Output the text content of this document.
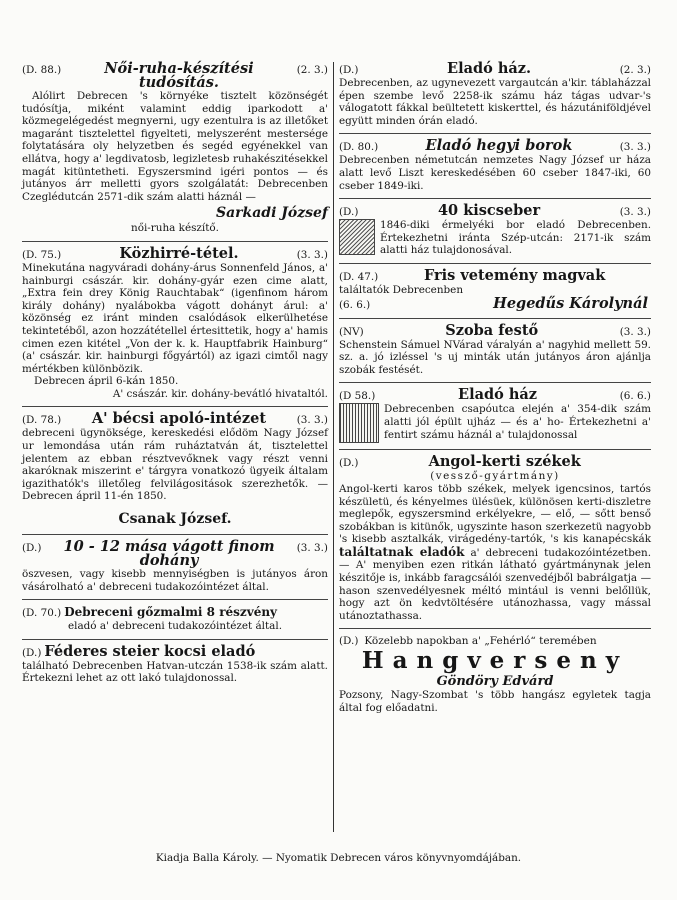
(D. 88.)	Női-ruha-készítési tudósítás.
(2. 3.)

Alólirt Debrecen 's környéke tisztelt közönségét tudósítja, miként valamint eddig iparkodott a' közmegelégedést megnyerni, ugy ezentulra is az illetőket magaránt tisztelettel figyelteti, melyszerént mestersége folytatására oly helyzetben és segéd egyénekkel van ellátva, hogy a' legdivatosb, legizletesb ruhakészitésekkel magát kitüntetheti. Egyszersmind igéri pontos — és jutányos árr melletti gyors szolgálatát: Debrecenben Czeglédutcán 2571-dik szám alatti háznál —

Sarkadi József
női-ruha készítő.
(D. 75.)	Közhirré-tétel.	(3. 3.)

Minekutána nagyváradi dohány-árus Sonnenfeld János, a' hainburgi császár. kir. dohány-gyár ezen cime alatt, „Extra fein drey König Rauchtabak“ (igenfinom három király dohány) nyalábokba vágott dohányt árul: a' közönség ez iránt minden csalódások elkerülhetése tekintetéből, azon hozzátétellel értesittetik, hogy a' hamis cimen ezen kitétel „Von der k. k. Hauptfabrik Hainburg“ (a' császár. kir. hainburgi főgyártól) az igazi cimtől nagy mértékben különbözik.

Debrecen ápril 6-kán 1850.

A' császár. kir. dohány-bevátló hivataltól.

(D. 78.)	A' bécsi apoló-intézet	(3. 3.)

debreceni ügynöksége, kereskedési elődöm Nagy József ur lemondása után rám ruháztatván át, tisztelettel jelentem az ebban résztvevőknek vagy részt venni akaróknak miszerint e' tárgyra vonatkozó ügyeik általam igazithatók's illetőleg felvilágositások szerezhetők. — Debrecen ápril 11-én 1850.

Csanak József.
(D.)	10 - 12 mása vágott finom dohány
(3. 3.)

öszvesen, vagy kisebb mennyiségben is jutányos áron vásárolható a' debreceni tudakozóintézet által.

(D. 70.) Debreceni gőzmalmi 8 részvény

eladó a' debreceni tudakozóintézet által.

(D.) Féderes steier kocsi eladó

található Debrecenben Hatvan-utczán 1538-ik szám alatt. Értekezni lehet az ott lakó tulajdonossal.

(D.)	Eladó ház.	(2. 3.)

Debrecenben, az ugynevezett vargautcán a'kir. táblaházzal épen szembe levő 2258-ik számu ház tágas udvar-'s válogatott fákkal beültetett kiskerttel, és házutániföldjével együtt minden órán eladó.

(D. 80.)	Eladó hegyi borok	(3. 3.)

Debrecenben németutcán nemzetes Nagy József ur háza alatt levő Liszt kereskedésében 60 cseber 1847-iki, 60 cseber 1849-iki.

(D.)	40 kiscseber	(3. 3.)

1846-diki érmelyéki bor eladó Debrecenben. Értekezhetni iránta Szép-utcán: 2171-ik szám alatti ház tulajdonosával.

(D. 47.)	Fris vetemény magvak

találtatók Debrecenben

(6. 6.)	Hegedűs Károlynál
(NV)	Szoba festő	(3. 3.)

Schenstein Sámuel NVárad váralyán a' nagyhid mellett 59. sz. a. jó izléssel 's uj minták után jutányos áron ajánlja szobák festését.

(D 58.)	Eladó ház	(6. 6.)

Debrecenben csapóutca elején a' 354-dik szám alatti jól épült ujház — és a' ho- Értekezhetni a' fentirt számu háznál a' tulajdonossal

(D.)	Angol-kerti székek

(vessző-gyártmány)

Angol-kerti karos több székek, melyek igencsinos, tartós készületü, és kényelmes ülésüek, különösen kerti-diszletre meglepők, egyszersmind erkélyekre, — elő, — sőtt benső szobákban is kitünők, ugyszinte hason szerkezetü nagyobb 's kisebb asztalkák, virágedény-tartók, 's kis kanapécskák találtatnak eladók a' debreceni tudakozóintézetben. — A' menyiben ezen ritkán látható gyártmánynak jelen készitője is, inkább faragcsálói szenvedéjből babrálgatja — hason szenvedélyesnek méltó mintául is venni belőllük, hogy azt ön kedvtöltésére utánozhassa, vagy mással utánoztathassa.

(D.) Közelebb napokban a' „Fehérló“ teremében
Hangverseny
Göndöry Edvárd

Pozsony, Nagy-Szombat 's több hangász egyletek tagja által fog előadatni.

Kiadja Balla Károly. — Nyomatik Debrecen város könyvnyomdájában.
